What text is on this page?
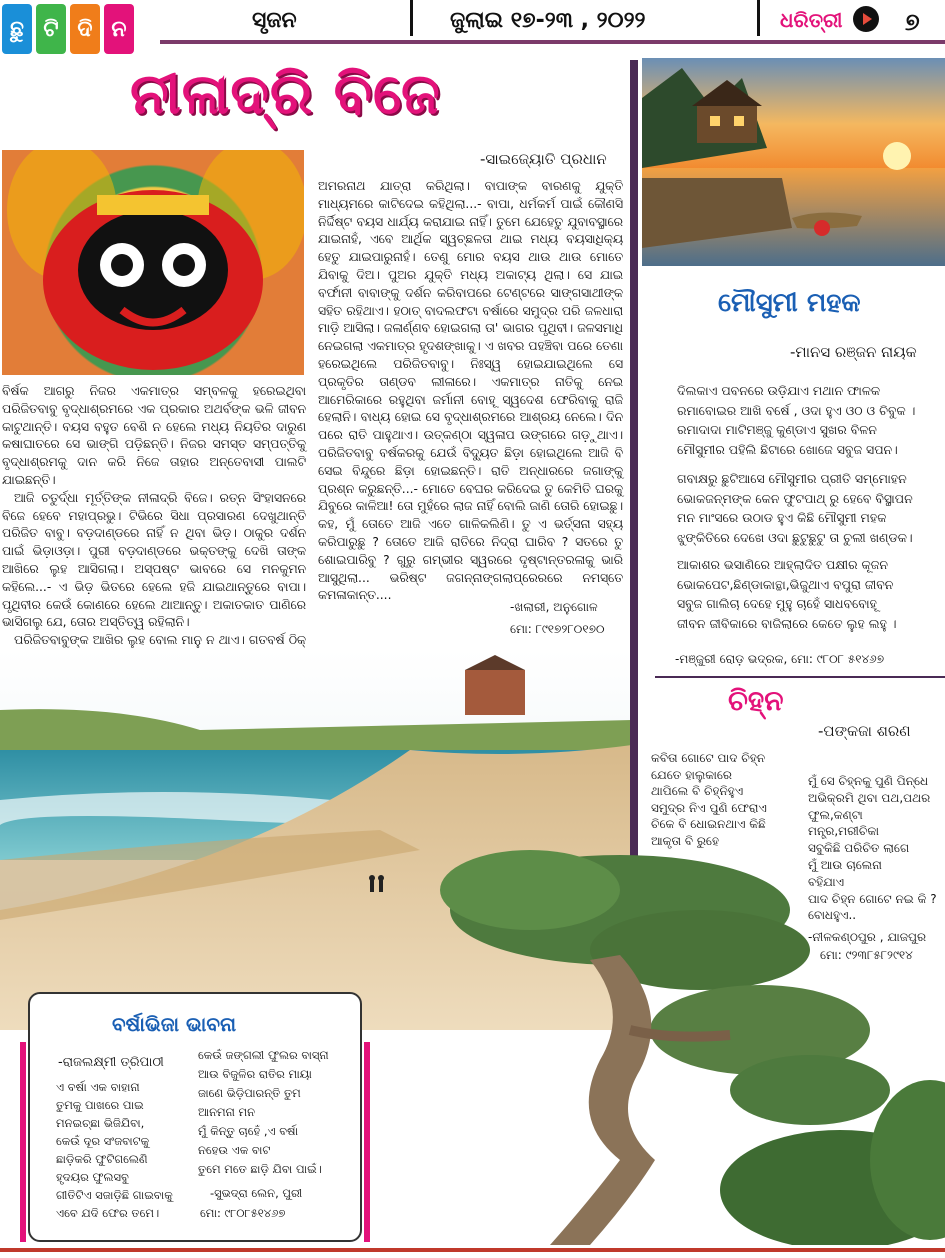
ଛୁ ଟି ଦି ନ	ସୃଜନ	ଜୁଲାଇ ୧୭-୨୩ , ୨୦୨୨	ଧରିତ୍ରୀ	୭
ନୀଳାଦ୍ରି ବିଜେ
-ସାଇଜ୍ୟୋତି ପ୍ରଧାନ

ବିର୍ଷକ ଆଗରୁ ନିଜର ଏକମାତ୍ର ସମ୍ବଳକୁ ହରେଇଥିବା ପରିଜିତବାବୁ ବୃଦ୍ଧାଶ୍ରମରେ ଏକ ପ୍ରକାର ଅଥର୍ବଙ୍କ ଭଳି ଜୀବନ କାଟୁଥାନ୍ତି। ବୟସ ବହୁତ ବେଶି ନ ହେଲେ ମଧ୍ୟ ନିୟତିର ଦାରୁଣ କଷାଘାତରେ ସେ ଭାଙ୍ଗି ପଡ଼ିଛନ୍ତି। ନିଜର ସମସ୍ତ ସମ୍ପତ୍ତିକୁ ବୃଦ୍ଧାଶ୍ରମକୁ ଦାନ କରି ନିଜେ ତାହାର ଅନ୍ତେବାସୀ ପାଲଟି ଯାଇଛନ୍ତି।

ଆଜି ଚତୁର୍ଦ୍ଧା ମୂର୍ତ୍ତିଙ୍କ ନୀଳାଦ୍ରି ବିଜେ। ରତ୍ନ ସିଂହାସନରେ ବିଜେ ହେବେ ମହାପ୍ରଭୁ। ଟିଭିରେ ସିଧା ପ୍ରସାରଣ ଦେଖୁଥାନ୍ତି ପରିଜିତ ବାବୁ। ବଡ଼ଦାଣ୍ଡରେ ନାହିଁ ନ ଥିବା ଭିଡ଼। ଠାକୁର ଦର୍ଶନ ପାଇଁ ଭିଡ଼ାଓଡ଼ା। ପୁରୀ ବଡ଼ଦାଣ୍ଡରେ ଭକ୍ତଙ୍କୁ ଦେଖି ତାଙ୍କ ଆଖିରେ ଲୁହ ଆସିଗଲା। ଅସ୍ପଷ୍ଟ ଭାବରେ ସେ ମନକୁମନ କହିଲେ...- ଏ ଭିଡ଼ ଭିତରେ ହେଲେ ହଜି ଯାଇଥାନ୍ତୁରେ ବାପା। ପୃଥିବୀର କେଉଁ କୋଣରେ ହେଲେ ଥାଆନ୍ତୁ। ଅକାତକାତ ପାଣିରେ ଭାସିଗଲୁ ଯେ, ତୋର ଅସ୍ତିତ୍ୱ ରହିଲାନି।

ପରିଜିତବାବୁଙ୍କ ଆଖିର ଲୁହ ବୋଲ ମାନୁ ନ ଥାଏ। ଗତବର୍ଷ ଠିକ୍

ଅମରନାଥ ଯାତ୍ରା କରିଥିଲା। ବାପାଙ୍କ ବାରଣକୁ ଯୁକ୍ତି ମାଧ୍ୟମରେ କାଟିଦେଇ କହିଥିଲା...- ବାପା, ଧର୍ମକର୍ମ ପାଇଁ କୌଣସି ନିର୍ଦ୍ଦିଷ୍ଟ ବୟସ ଧାର୍ଯ୍ୟ କରାଯାଇ ନାହିଁ। ତୁମେ ଯେହେତୁ ଯୁବାବସ୍ଥାରେ ଯାଇନାହଁ, ଏବେ ଆର୍ଥିକ ସ୍ୱଚ୍ଛଳତା ଥାଇ ମଧ୍ୟ ବୟସାଧିକ୍ୟ ହେତୁ ଯାଇପାରୁନାହଁ। ତେଣୁ ମୋର ବୟସ ଥାଉ ଥାଉ ମୋତେ ଯିବାକୁ ଦିଅ। ପୁଅର ଯୁକ୍ତି ମଧ୍ୟ ଅକାଟ୍ୟ ଥିଲା। ସେ ଯାଇ ବର୍ଫାନୀ ବାବାଙ୍କୁ ଦର୍ଶନ କରିବାପରେ ଟେଣ୍ଟରେ ସାଙ୍ଗସାଥୀଙ୍କ ସହିତ ରହିଥାଏ। ହଠାତ୍ ବାଦଲଫଟା ବର୍ଷାରେ ସମୁଦ୍ର ପରି ଜଳଧାରା ମାଡ଼ି ଆସିଲା। ଜଳାର୍ଣ୍ଣବ ହୋଇଗଲା ତା' ଭାଗର ପୃଥିବୀ। ଜଳସମାଧି ନେଇଗଲା ଏକମାତ୍ର ହୃଦଶଙ୍ଖାକୁ। ଏ ଖବର ପହଞ୍ଚିବା ପରେ ତେଣା ହରେଇଥିଲେ ପରିଜିତବାବୁ। ନିଃସ୍ୱ ହୋଇଯାଇଥିଲେ ସେ ପ୍ରକୃତିର ତାଣ୍ଡବ ଲୀଳାରେ। ଏକମାତ୍ର ନାତିକୁ ନେଇ ଆମେରିକାରେ ରହୁଥିବା ଜର୍ମାନୀ ବୋହୂ ସ୍ୱଦେଶ ଫେରିବାକୁ ରାଜି ହେଲାନି। ବାଧ୍ୟ ହୋଇ ସେ ବୃଦ୍ଧାଶ୍ରମରେ ଆଶ୍ରୟ ନେଲେ। ଦିନ ପରେ ରାତି ପାହୁଥାଏ। ଉତ୍କଣ୍ଠା ସ୍ୱଳାପ ଉଙ୍ଗରେ ଗଡ଼ୁଥାଏ। ପରିଜିତବାବୁ ବର୍ଷକରକୁ ଯେଉଁ ବିଦ୍ୟୁତ ଛିଡ଼ା ହୋଇଥିଲେ ଆଜି ବି ସେଇ ବିନ୍ଦୁରେ ଛିଡ଼ା ହୋଇଛନ୍ତି। ରାତି ଅନ୍ଧାରରେ ଜଗାଙ୍କୁ ପ୍ରଶ୍ନ କରୁଛନ୍ତି...- ମୋତେ ବେଘର କରିଦେଇ ତୁ କେମିତି ଘରକୁ ଯିବୁରେ କାଳିଆ! ତୋ ମୁହଁରେ ଲାଜ ନାହିଁ ବୋଲି ଜାଣି ତୋରି ହୋଇଛୁ। କହ, ମୁଁ ତୋତେ ଆଜି ଏତେ ଗାଳିକଲିଣି। ତୁ ଏ ଭର୍ତ୍ସନା ସହ୍ୟ କରିପାରୁଛୁ ? ତୋତେ ଆଜି ରାତିରେ ନିଦ୍ରା ଘାରିବ ? ସତରେ ତୁ ଶୋଇପାରିବୁ ? ଗୁରୁ ଗମ୍ଭୀର ସ୍ୱରରେ ଦୃଷ୍ଟାନ୍ତରଳାକୁ ଭାରି ଆସୁଥିଲା... ଭରିଷ୍ଟ ଜଗନ୍ନାଙ୍ଗଲାପ୍ରେରରେ ନମସ୍ତେ କମଳାକାନ୍ତ....

-ଖଲାରୀ, ଅନୁଗୋଳ
ମୋ: ୮୯୧୭୨୮୦୧୭୦
ମୌସୁମୀ ମହକ
-ମାନସ ରଞ୍ଜନ ନାୟକ
ଦିଲକାଏ ପବନରେ ଉଡ଼ିଯାଏ ମଥାନ ଫାଳକ
ରମାବୋଇର ଆଖି ବର୍ଷେ , ଓଦା ହୁଏ ଓଠ ଓ ଚିବୁକ ।
ରମାଦାଦା ମାଟିମଞ୍ଜୁ କୁଣ୍ଡାଏ ସୁଖର ବିଳନ
ମୌସୁମୀର ପହିଲି ଛିଟାରେ ଖୋଜେ ସବୁଜ ସପନ।
ଗବାକ୍ଷରୁ ଛୁଟିଆସେ ମୌସୁମୀର ପ୍ରୀତି ସମ୍ମୋହନ
ଭୋକଜନ୍ମଙ୍କ କେନ ଫୁଟପାଥ୍ ରୁ ହେବେ ବିସ୍ଥାପନ
ମନ ମାଂସରେ ଉଠାଡ ହୁଏ କିଛି ମୌସୁମୀ ମହକ
ଝୁଙ୍କିତିରେ ଦେଖେ ଓଦା ଛୁଟୁଛୁଟୁ ତା ଚୁଲୀ ଖଣ୍ଡକ।
ଆକାଶର ଭସାଣିରେ ଆହ୍ଲାଦିତ ପକ୍ଷୀର କୂଜନ
ଭୋକପେଟ,ଛିଣ୍ଡାକାନ୍ଥା,ଭିଜୁଥାଏ ବପୁରା ଜୀବନ
ସବୁଜ ଗାଲିଚା ଦେହେ ମୁହୁ ଚାହେଁ ସାଧବବୋହୂ
ଜୀବନ ଜୀବିକାରେ ବାଜିଲାରେ କେତେ ଲୁହ ଲହୁ ।
-ମଞ୍ଜୁରୀ ରୋଡ଼ ଭଦ୍ରକ, ମୋ: ୯୮୦୮ ୫୧୪୬୭
ଚିହ୍ନ
-ପଙ୍କଜା ଶରଣ
କବିତା ଗୋଟେ ପାଦ ଚିହ୍ନ
ଯେତେ ହାଲୁକାରେ
ଥାପିଲେ ବି ଚିହ୍ନିହୁଏ
ସମୁଦ୍ର ନିଏ ପୁଣି ଫେରାଏ
ଚିକେ ବି ଧୋଇନଥାଏ କିଛି
ଆକୃତା ବି ରୁହେ
ମୁଁ ସେ ଚିହ୍ନକୁ ପୁଣି ପିନ୍ଧେ
ଅଭିକ୍ରମି ଥିବା ପଥ,ପଥର
ଫୁଲ,କଣ୍ଟା
ମନ୍ତ୍ର,ମରୀଚିକା
ସବୁକିଛି ପରିଚିତ ଲାଗେ
ମୁଁ ଆଉ ଚାଲେନା
ବହିଯାଏ
ପାଦ ଚିହ୍ନ ଗୋଟେ ନଇ କି ?
ବୋଧହୁଏ..
-ନୀଳକଣ୍ଠପୁର , ଯାଜପୁର
ମୋ: ୯୨୩୮୫୮୨୯୧୪
ବର୍ଷାଭିଜା ଭାବନା
-ରାଜଲକ୍ଷ୍ମୀ ତ୍ରିପାଠୀ
ଏ ବର୍ଷା ଏକ ବାହାନା
ତୁମକୁ ପାଖରେ ପାଇ
ମନଇଚ୍ଛା ଭିଜିଯିବା,
କେଉଁ ଦୂର ସଂଜବାଟକୁ
ଛାଡ଼ିକରି ଫୁଟିଗଲେଣି
ହୃଦୟର ଫୁଲସବୁ
ଗୀତିଟିଏ ସଜାଡ଼ିଛି ଗାଇବାକୁ
ଏବେ ଯଦି ଫେର ତମେ।
କେଉଁ ଜଙ୍ଗଲୀ ଫୁଲର ବାସ୍ନା
ଆଉ ବିଜୁଳିର ରାତିର ମାୟା
ଜାଣେ ଭିଡ଼ିପାରନ୍ତି ତୁମ
ଆନମନା ମନ
ମୁଁ କିନ୍ତୁ ଚାହେଁ ,ଏ ବର୍ଷା
ନହେଉ ଏକ ବାଟ
ତୁମେ ମତେ ଛାଡ଼ି ଯିବା ପାଇଁ।
-ସୁଭଦ୍ରା ଲେନ, ପୁରୀ
ମୋ: ୯୮୦୮୫୧୪୬୭
